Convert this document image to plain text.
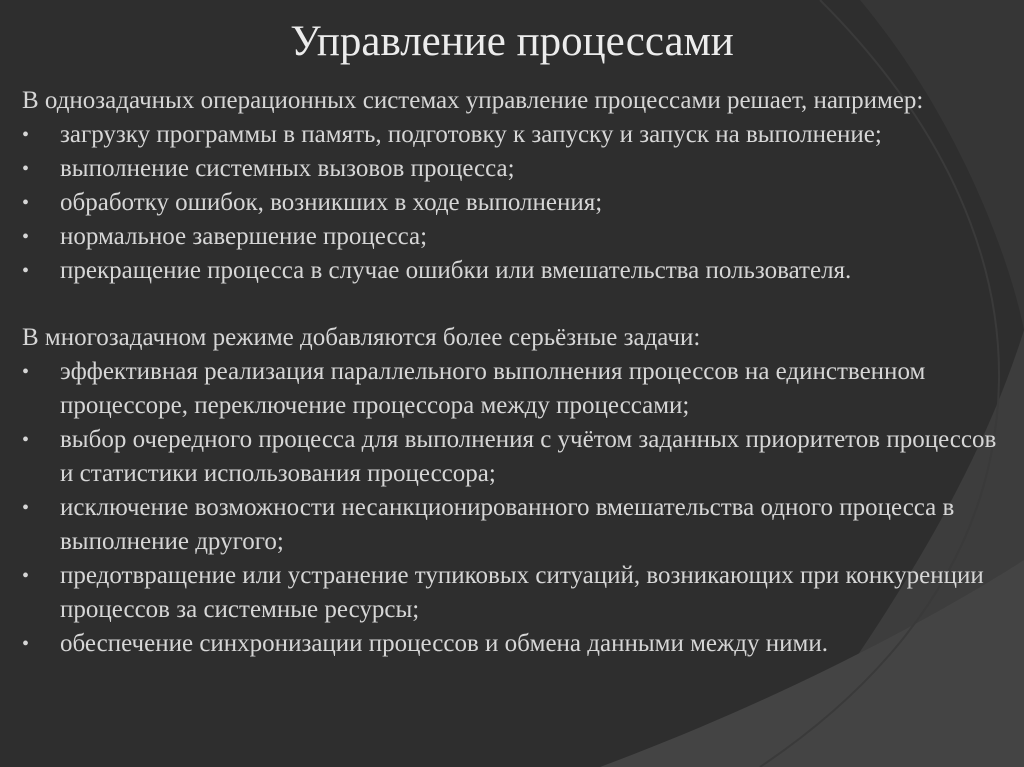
Управление процессами

В однозадачных операционных системах управление процессами решает, например:

•	загрузку программы в память, подготовку к запуску и запуск на выполнение;
•	выполнение системных вызовов процесса;
•	обработку ошибок, возникших в ходе выполнения;
•	нормальное завершение процесса;
•	прекращение процесса в случае ошибки или вмешательства пользователя.

В многозадачном режиме добавляются более серьёзные задачи:

•	эффективная реализация параллельного выполнения процессов на единственном процессоре, переключение процессора между процессами;
•	выбор очередного процесса для выполнения с учётом заданных приоритетов процессов и статистики использования процессора;
•	исключение возможности несанкционированного вмешательства одного процесса в выполнение другого;
•	предотвращение или устранение тупиковых ситуаций, возникающих при конкуренции процессов за системные ресурсы;
•	обеспечение синхронизации процессов и обмена данными между ними.
